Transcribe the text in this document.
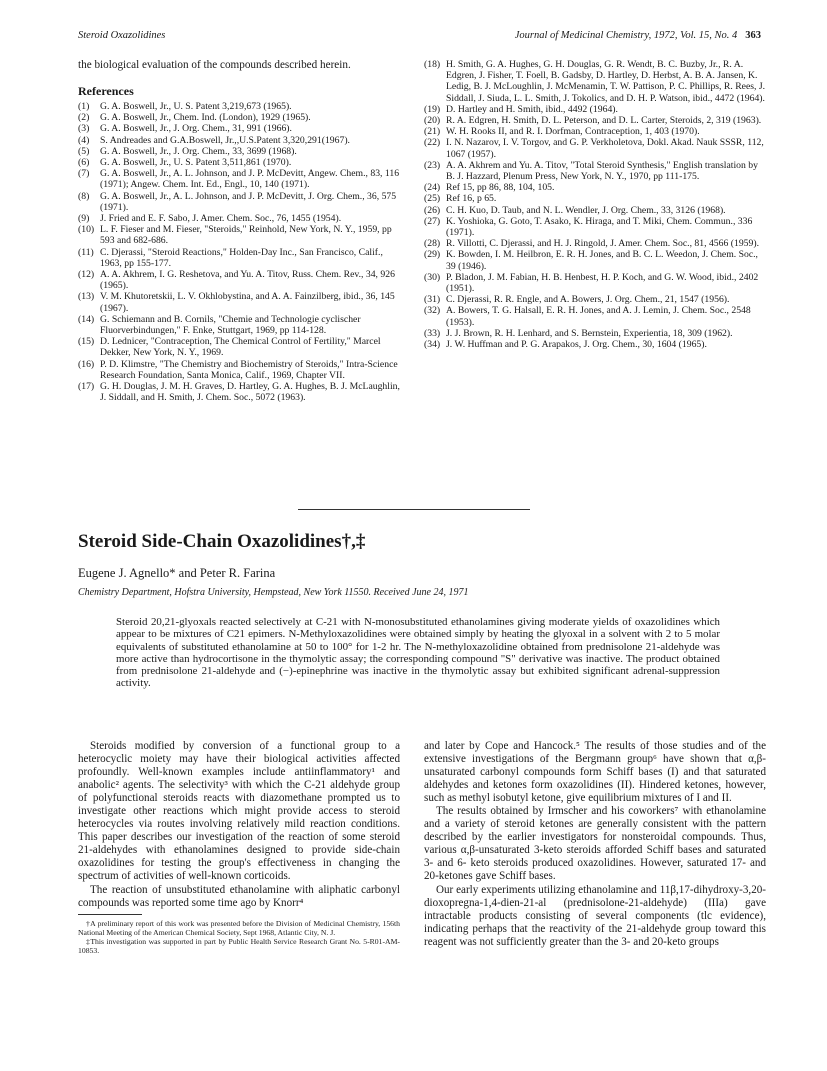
Steroid Oxazolidines	Journal of Medicinal Chemistry, 1972, Vol. 15, No. 4 363

the biological evaluation of the compounds described herein.

References
(1)	G. A. Boswell, Jr., U. S. Patent 3,219,673 (1965).
(2)	G. A. Boswell, Jr., Chem. Ind. (London), 1929 (1965).
(3)	G. A. Boswell, Jr., J. Org. Chem., 31, 991 (1966).
(4)	S. Andreades and G.A.Boswell, Jr.,,U.S.Patent 3,320,291(1967).
(5)	G. A. Boswell, Jr., J. Org. Chem., 33, 3699 (1968).
(6)	G. A. Boswell, Jr., U. S. Patent 3,511,861 (1970).
(7)	G. A. Boswell, Jr., A. L. Johnson, and J. P. McDevitt, Angew. Chem., 83, 116 (1971); Angew. Chem. Int. Ed., Engl., 10, 140 (1971).
(8)	G. A. Boswell, Jr., A. L. Johnson, and J. P. McDevitt, J. Org. Chem., 36, 575 (1971).
(9)	J. Fried and E. F. Sabo, J. Amer. Chem. Soc., 76, 1455 (1954).
(10) L. F. Fieser and M. Fieser, "Steroids," Reinhold, New York, N. Y., 1959, pp 593 and 682-686.
(11) C. Djerassi, "Steroid Reactions," Holden-Day Inc., San Francisco, Calif., 1963, pp 155-177.
(12) A. A. Akhrem, I. G. Reshetova, and Yu. A. Titov, Russ. Chem. Rev., 34, 926 (1965).
(13) V. M. Khutoretskii, L. V. Okhlobystina, and A. A. Fainzilberg, ibid., 36, 145 (1967).
(14) G. Schiemann and B. Cornils, "Chemie and Technologie cyclischer Fluorverbindungen," F. Enke, Stuttgart, 1969, pp 114-128.
(15) D. Lednicer, "Contraception, The Chemical Control of Fertility," Marcel Dekker, New York, N. Y., 1969.
(16) P. D. Klimstre, "The Chemistry and Biochemistry of Steroids," Intra-Science Research Foundation, Santa Monica, Calif., 1969, Chapter VII.
(17) G. H. Douglas, J. M. H. Graves, D. Hartley, G. A. Hughes, B. J. McLaughlin, J. Siddall, and H. Smith, J. Chem. Soc., 5072 (1963).
(18) H. Smith, G. A. Hughes, G. H. Douglas, G. R. Wendt, B. C. Buzby, Jr., R. A. Edgren, J. Fisher, T. Foell, B. Gadsby, D. Hartley, D. Herbst, A. B. A. Jansen, K. Ledig, B. J. McLoughlin, J. McMenamin, T. W. Pattison, P. C. Phillips, R. Rees, J. Siddall, J. Siuda, L. L. Smith, J. Tokolics, and D. H. P. Watson, ibid., 4472 (1964).
(19) D. Hartley and H. Smith, ibid., 4492 (1964).
(20) R. A. Edgren, H. Smith, D. L. Peterson, and D. L. Carter, Steroids, 2, 319 (1963).
(21) W. H. Rooks II, and R. I. Dorfman, Contraception, 1, 403 (1970).
(22) I. N. Nazarov, I. V. Torgov, and G. P. Verkholetova, Dokl. Akad. Nauk SSSR, 112, 1067 (1957).
(23) A. A. Akhrem and Yu. A. Titov, "Total Steroid Synthesis," English translation by B. J. Hazzard, Plenum Press, New York, N. Y., 1970, pp 111-175.
(24) Ref 15, pp 86, 88, 104, 105.
(25) Ref 16, p 65.
(26) C. H. Kuo, D. Taub, and N. L. Wendler, J. Org. Chem., 33, 3126 (1968).
(27) K. Yoshioka, G. Goto, T. Asako, K. Hiraga, and T. Miki, Chem. Commun., 336 (1971).
(28) R. Villotti, C. Djerassi, and H. J. Ringold, J. Amer. Chem. Soc., 81, 4566 (1959).
(29) K. Bowden, I. M. Heilbron, E. R. H. Jones, and B. C. L. Weedon, J. Chem. Soc., 39 (1946).
(30) P. Bladon, J. M. Fabian, H. B. Henbest, H. P. Koch, and G. W. Wood, ibid., 2402 (1951).
(31) C. Djerassi, R. R. Engle, and A. Bowers, J. Org. Chem., 21, 1547 (1956).
(32) A. Bowers, T. G. Halsall, E. R. H. Jones, and A. J. Lemin, J. Chem. Soc., 2548 (1953).
(33) J. J. Brown, R. H. Lenhard, and S. Bernstein, Experientia, 18, 309 (1962).
(34) J. W. Huffman and P. G. Arapakos, J. Org. Chem., 30, 1604 (1965).
Steroid Side-Chain Oxazolidines†,‡
Eugene J. Agnello* and Peter R. Farina
Chemistry Department, Hofstra University, Hempstead, New York 11550. Received June 24, 1971

Steroid 20,21-glyoxals reacted selectively at C-21 with N-monosubstituted ethanolamines giving moderate yields of oxazolidines which appear to be mixtures of C21 epimers. N-Methyloxazolidines were obtained simply by heating the glyoxal in a solvent with 2 to 5 molar equivalents of substituted ethanolamine at 50 to 100° for 1-2 hr. The N-methyloxazolidine obtained from prednisolone 21-aldehyde was more active than hydrocortisone in the thymolytic assay; the corresponding compound "S" derivative was inactive. The product obtained from prednisolone 21-aldehyde and (−)-epinephrine was inactive in the thymolytic assay but exhibited significant adrenal-suppression activity.

Steroids modified by conversion of a functional group to a heterocyclic moiety may have their biological activities affected profoundly. Well-known examples include antiinflammatory¹ and anabolic² agents. The selectivity³ with which the C-21 aldehyde group of polyfunctional steroids reacts with diazomethane prompted us to investigate other reactions which might provide access to steroid heterocycles via routes involving relatively mild reaction conditions. This paper describes our investigation of the reaction of some steroid 21-aldehydes with ethanolamines designed to provide side-chain oxazolidines for testing the group's effectiveness in changing the spectrum of activities of well-known corticoids.

The reaction of unsubstituted ethanolamine with aliphatic carbonyl compounds was reported some time ago by Knorr⁴

†A preliminary report of this work was presented before the Division of Medicinal Chemistry, 156th National Meeting of the American Chemical Society, Sept 1968, Atlantic City, N. J.

‡This investigation was supported in part by Public Health Service Research Grant No. 5-R01-AM-10853.

and later by Cope and Hancock.⁵ The results of those studies and of the extensive investigations of the Bergmann group⁶ have shown that α,β-unsaturated carbonyl compounds form Schiff bases (I) and that saturated aldehydes and ketones form oxazolidines (II). Hindered ketones, however, such as methyl isobutyl ketone, give equilibrium mixtures of I and II.

The results obtained by Irmscher and his coworkers⁷ with ethanolamine and a variety of steroid ketones are generally consistent with the pattern described by the earlier investigators for nonsteroidal compounds. Thus, various α,β-unsaturated 3-keto steroids afforded Schiff bases and saturated 3- and 6- keto steroids produced oxazolidines. However, saturated 17- and 20-ketones gave Schiff bases.

Our early experiments utilizing ethanolamine and 11β,17-dihydroxy-3,20-dioxopregna-1,4-dien-21-al (prednisolone-21-aldehyde) (IIIa) gave intractable products consisting of several components (tlc evidence), indicating perhaps that the reactivity of the 21-aldehyde group toward this reagent was not sufficiently greater than the 3- and 20-keto groups
